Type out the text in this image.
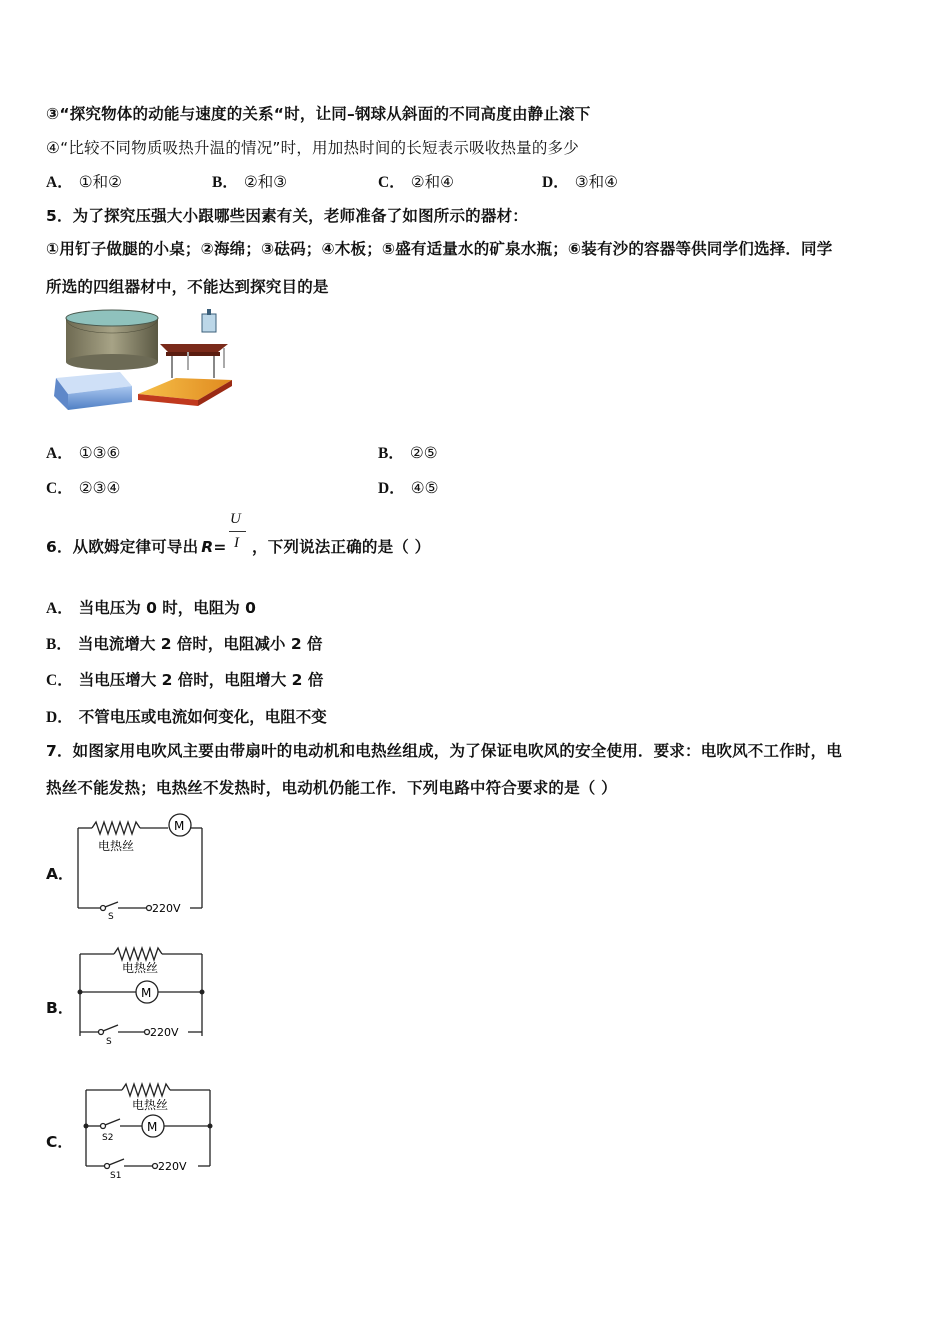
③“探究物体的动能与速度的关系“时，让同–钢球从斜面的不同高度由静止滚下
④“比较不同物质吸热升温的情况”时，用加热时间的长短表示吸收热量的多少
A． ①和②	B． ②和③	C． ②和④	D． ③和④
5．为了探究压强大小跟哪些因素有关，老师准备了如图所示的器材：
①用钉子做腿的小桌；②海绵；③砝码；④木板；⑤盛有适量水的矿泉水瓶；⑥装有沙的容器等供同学们选择．同学
所选的四组器材中，不能达到探究目的是
A． ①③⑥	B． ②⑤
C． ②③④	D． ④⑤
6．从欧姆定律可导出 R=
U
I ，下列说法正确的是（ ）
A． 当电压为 0 时，电阻为 0
B． 当电流增大 2 倍时，电阻减小 2 倍
C． 当电压增大 2 倍时，电阻增大 2 倍
D． 不管电压或电流如何变化，电阻不变
7．如图家用电吹风主要由带扇叶的电动机和电热丝组成，为了保证电吹风的安全使用．要求：电吹风不工作时，电
热丝不能发热；电热丝不发热时，电动机仍能工作．下列电路中符合要求的是（ ）
A．
M
电热丝
S
220V
B．
M
电热丝
S
220V
C．
M
电热丝
S2
S1
220V
